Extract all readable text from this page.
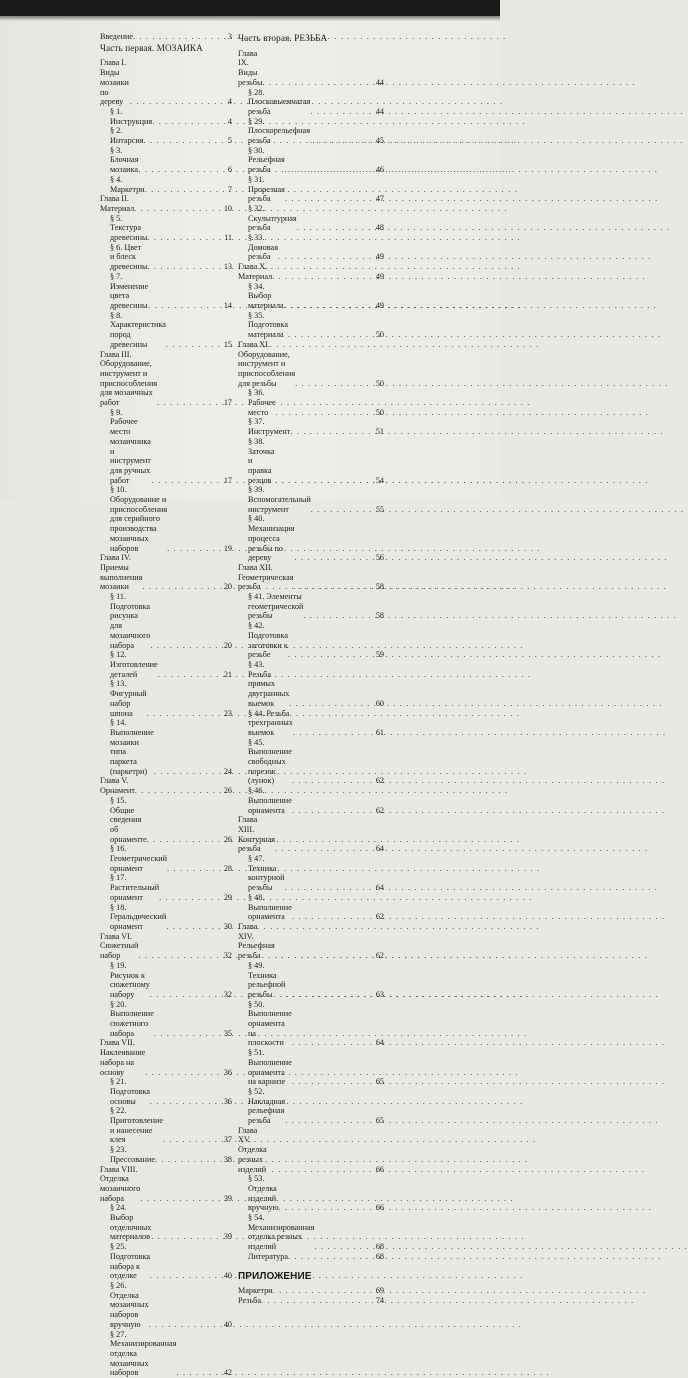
Введение . . .	3
Часть первая. МОЗАИКА
Глава I. Виды мозаики по дереву . . .	4
§ 1. Инструкция . . .	4
§ 2. Интарсия . . .	5
§ 3. Блочная мозаика . . .	6
§ 4. Маркетри . . .	7
Глава II. Материал . . .	10
§ 5. Текстура древесины . . .	11
§ 6. Цвет и блеск древесины . . .	13
§ 7. Изменение цвета древесины . . .	14
§ 8. Характеристика пород древесины . . .	15
Глава III. Оборудование, инструмент и приспособления для мозаичных работ . . .	17
§ 9. Рабочее место мозаичника и инструмент для ручных работ . . .	17
§ 10. Оборудование и приспособления для серийного производства мозаичных наборов . . .	19
Глава IV. Приемы выполнения мозаики . . .	20
§ 11. Подготовка рисунка для мозаичного набора . . .	20
§ 12. Изготовление деталей . . .	21
§ 13. Фигурный набор шпона . . .	23
§ 14. Выполнение мозаики типа паркета (паркетри) . . .	24
Глава V. Орнамент . . .	26
§ 15. Общие сведения об орнаменте . . .	26
§ 16. Геометрический орнамент . . .	28
§ 17. Растительный орнамент . . .	29
§ 18. Геральдический орнамент . . .	30
Глава VI. Сюжетный набор . . .	32
§ 19. Рисунок к сюжетному набору . . .	32
§ 20. Выполнение сюжетного набора . . .	35
Глава VII. Наклеивание набора на основу . . .	36
§ 21. Подготовка основы . . .	36
§ 22. Приготовление и нанесение клея . . .	37
§ 23. Прессование . . .	38
Глава VIII. Отделка мозаичного набора . . .	39
§ 24. Выбор отделочных материалов . . .	39
§ 25. Подготовка набора к отделке . . .	40
§ 26. Отделка мозаичных наборов вручную . . .	40
§ 27. Механизированная отделка мозаичных наборов . . .	42
Часть вторая. РЕЗЬБА
Глава IX. Виды резьбы . . .	44
§ 28. Плосковыемчатая резьба . . .	44
§ 29. Плоскорельефная резьба . . .	45
§ 30. Рельефная резьба . . .	46
§ 31. Прорезная резьба . . .	47
§ 32. Скульптурная резьба . . .	48
§ 33. Домовая резьба . . .	49
Глава X. Материал . . .	49
§ 34. Выбор материала . . .	49
§ 35. Подготовка материала . . .	50
Глава XI. Оборудование, инструмент и приспособления для резьбы . . .	50
§ 36. Рабочее место . . .	50
§ 37. Инструмент . . .	51
§ 38. Заточка и правка резцов . . .	54
§ 39. Вспомогательный инструмент . . .	55
§ 40. Механизация процесса резьбы по дереву . . .	56
Глава XII. Геометрическая резьба . . .	58
§ 41. Элементы геометрической резьбы . . .	58
§ 42. Подготовка заготовки к резьбе . . .	59
§ 43. Резьба прямых двугранных выемок . . .	60
§ 44. Резьба трехгранных выемок . . .	61
§ 45. Выполнение свободных порезок (лунок) . . .	62
§ 46. Выполнение орнамента . . .	62
Глава XIII. Контурная резьба . . .	64
§ 47. Техника контурной резьбы . . .	64
§ 48. Выполнение орнамента . . .	62
Глава XIV. Рельефная резьба . . .	62
§ 49. Техника рельефной резьбы . . .	63
§ 50. Выполнение орнамента на плоскости . . .	64
§ 51. Выполнение орнамента на карнизе . . .	65
§ 52. Накладная рельефная резьба . . .	65
Глава XV. Отделка резных изделий . . .	66
§ 53. Отделка изделий вручную . . .	66
§ 54. Механизированная отделка резных изделий . . .	68
Литература . . .	68
ПРИЛОЖЕНИЕ
Маркетри . . .	69
Резьба . . .	74
